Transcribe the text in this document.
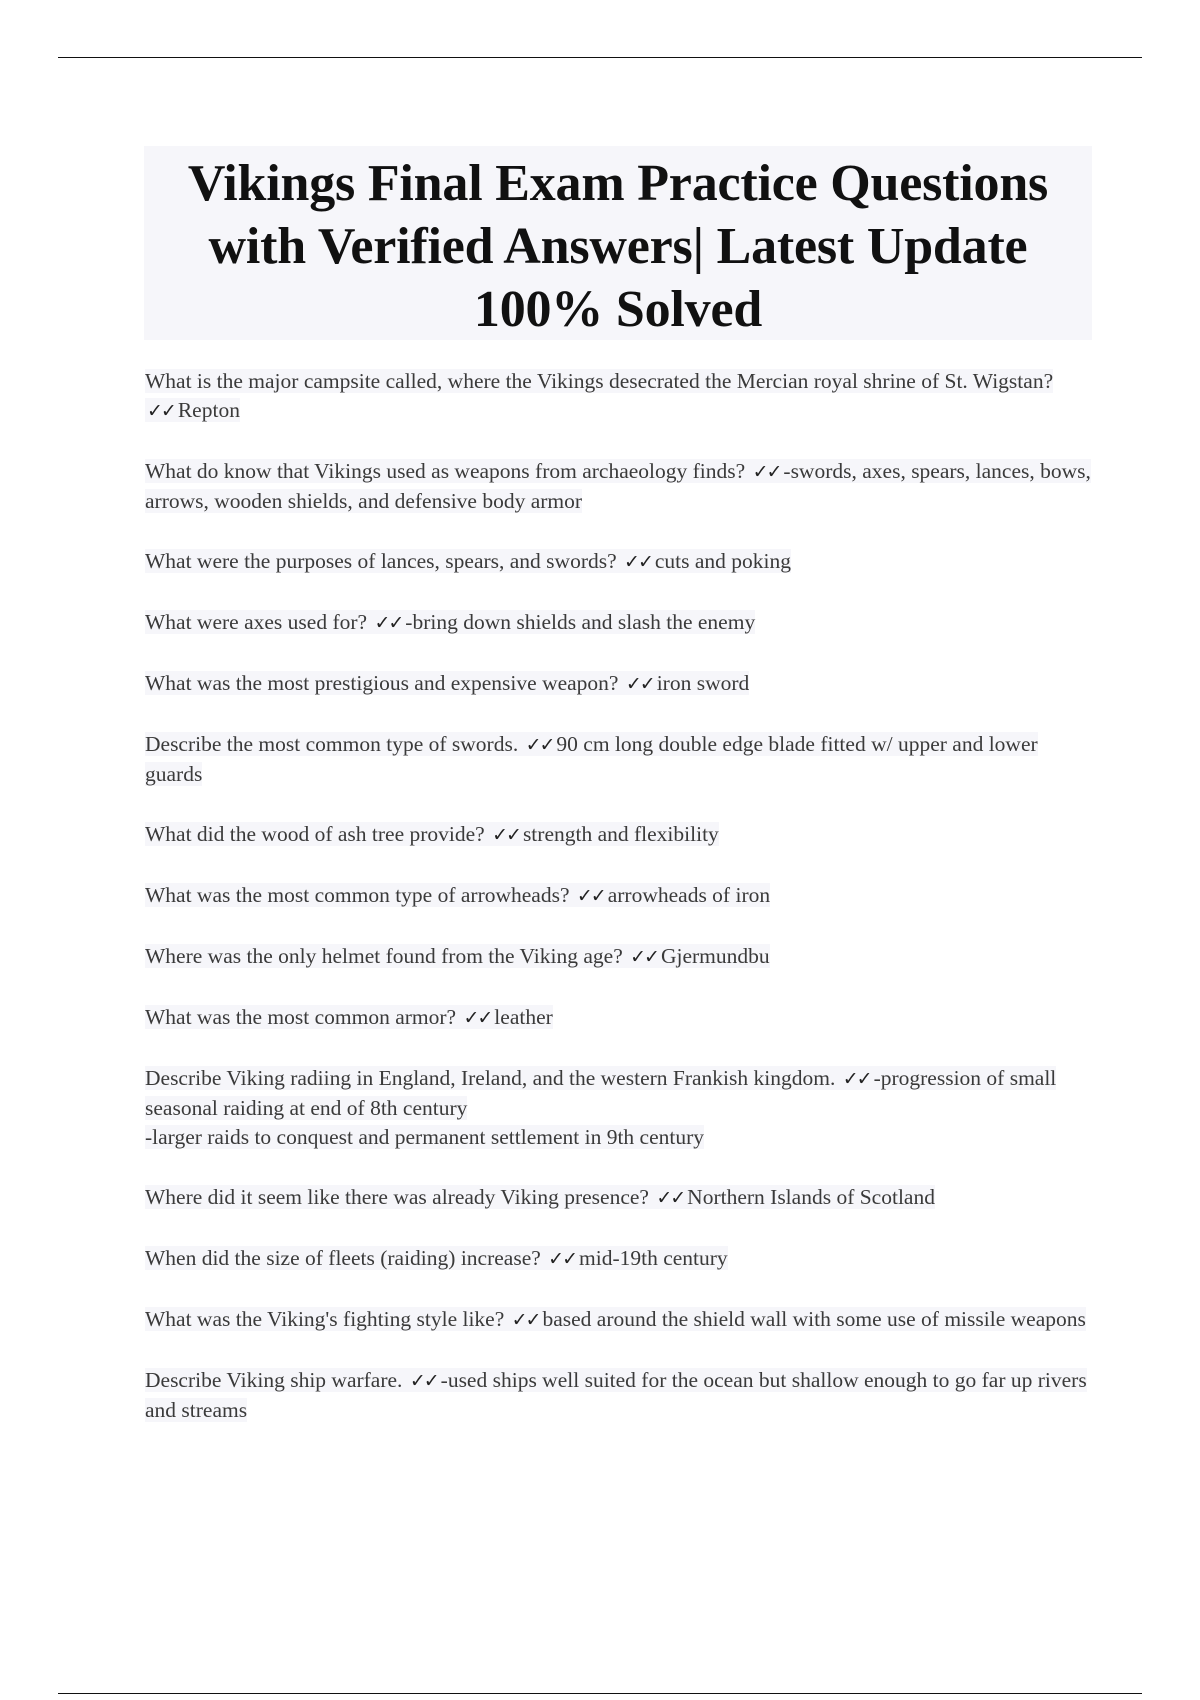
Vikings Final Exam Practice Questions with Verified Answers| Latest Update 100% Solved
What is the major campsite called, where the Vikings desecrated the Mercian royal shrine of St. Wigstan? ✓✓ Repton
What do know that Vikings used as weapons from archaeology finds? ✓✓ -swords, axes, spears, lances, bows, arrows, wooden shields, and defensive body armor
What were the purposes of lances, spears, and swords? ✓✓ cuts and poking
What were axes used for? ✓✓ -bring down shields and slash the enemy
What was the most prestigious and expensive weapon? ✓✓ iron sword
Describe the most common type of swords. ✓✓ 90 cm long double edge blade fitted w/ upper and lower guards
What did the wood of ash tree provide? ✓✓ strength and flexibility
What was the most common type of arrowheads? ✓✓ arrowheads of iron
Where was the only helmet found from the Viking age? ✓✓ Gjermundbu
What was the most common armor? ✓✓ leather
Describe Viking radiing in England, Ireland, and the western Frankish kingdom. ✓✓ -progression of small seasonal raiding at end of 8th century
-larger raids to conquest and permanent settlement in 9th century
Where did it seem like there was already Viking presence? ✓✓ Northern Islands of Scotland
When did the size of fleets (raiding) increase? ✓✓ mid-19th century
What was the Viking's fighting style like? ✓✓ based around the shield wall with some use of missile weapons
Describe Viking ship warfare. ✓✓ -used ships well suited for the ocean but shallow enough to go far up rivers and streams
